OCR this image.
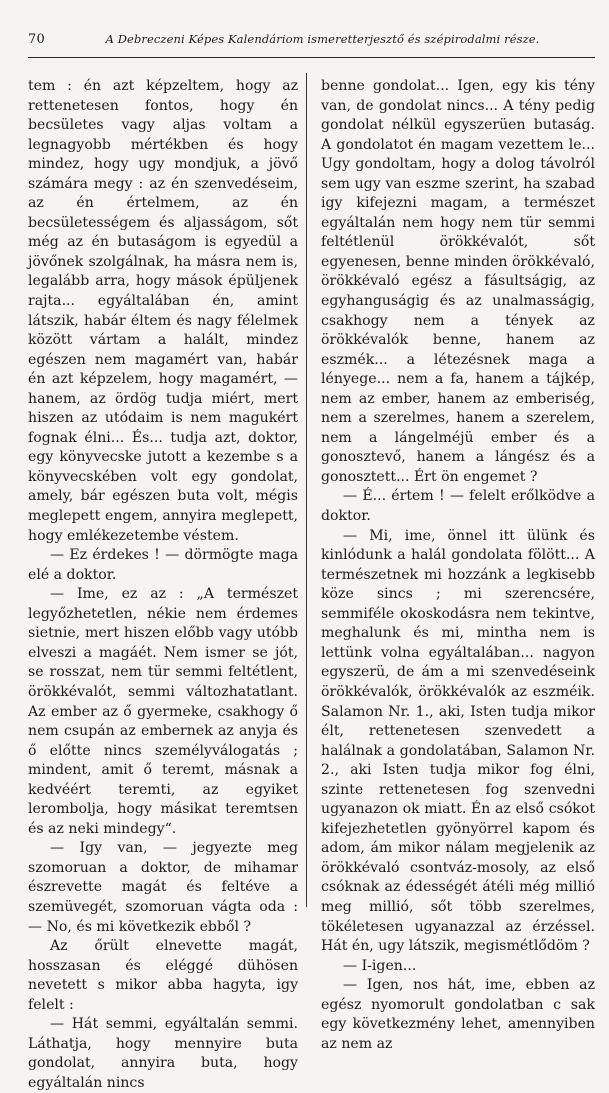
70	A Debreczeni Képes Kalendáriom ismeretterjesztő és szépirodalmi része.

tem : én azt képzeltem, hogy az rettenetesen fontos, hogy én becsületes vagy aljas voltam a legnagyobb mértékben és hogy mindez, hogy ugy mondjuk, a jövő számára megy : az én szenvedéseim, az én értelmem, az én becsületességem és aljasságom, sőt még az én butaságom is egyedül a jövőnek szolgálnak, ha másra nem is, legalább arra, hogy mások épüljenek rajta... egyáltalában én, amint látszik, habár éltem és nagy félelmek között vártam a halált, mindez egészen nem magamért van, habár én azt képzelem, hogy magamért, — hanem, az ördög tudja miért, mert hiszen az utódaim is nem magukért fognak élni... És... tudja azt, doktor, egy könyvecske jutott a kezembe s a könyvecskében volt egy gondolat, amely, bár egészen buta volt, mégis meglepett engem, annyira meglepett, hogy emlékezetembe véstem.

— Ez érdekes ! — dörmögte maga elé a doktor.

— Ime, ez az : „A természet legyőzhetetlen, nékie nem érdemes sietnie, mert hiszen előbb vagy utóbb elveszi a magáét. Nem ismer se jót, se rosszat, nem tür semmi feltétlent, örökkévalót, semmi változhatatlant. Az ember az ő gyermeke, csakhogy ő nem csupán az embernek az anyja és ő előtte nincs személyválogatás ; mindent, amit ő teremt, másnak a kedvéért teremti, az egyiket lerombolja, hogy másikat teremtsen és az neki mindegy“.

— Igy van, — jegyezte meg szomoruan a doktor, de mihamar észrevette magát és feltéve a szemüvegét, szomoruan vágta oda : — No, és mi következik ebből ?

Az őrült elnevette magát, hosszasan és eléggé dühösen nevetett s mikor abba hagyta, igy felelt :

— Hát semmi, egyáltalán semmi. Láthatja, hogy mennyire buta gondolat, annyira buta, hogy egyáltalán nincs

benne gondolat... Igen, egy kis tény van, de gondolat nincs... A tény pedig gondolat nélkül egyszerüen butaság. A gondolatot én magam vezettem le... Ugy gondoltam, hogy a dolog távolról sem ugy van eszme szerint, ha szabad igy kifejezni magam, a természet egyáltalán nem hogy nem tür semmi feltétlenül örökkévalót, sőt egyenesen, benne minden örökkévaló, örökkévaló egész a fásultságig, az egyhanguságig és az unalmasságig, csakhogy nem a tények az örökkévalók benne, hanem az eszmék... a létezésnek maga a lényege... nem a fa, hanem a tájkép, nem az ember, hanem az emberiség, nem a szerelmes, hanem a szerelem, nem a lángelméjü ember és a gonosztevő, hanem a lángész és a gonosztett... Ért ön engemet ?

— É... értem ! — felelt erőlködve a doktor.

— Mi, ime, önnel itt ülünk és kinlódunk a halál gondolata fölött... A természetnek mi hozzánk a legkisebb köze sincs ; mi szerencsére, semmiféle okoskodásra nem tekintve, meghalunk és mi, mintha nem is lettünk volna egyáltalában... nagyon egyszerü, de ám a mi szenvedéseink örökkévalók, örökkévalók az eszméik. Salamon Nr. 1., aki, Isten tudja mikor élt, rettenetesen szenvedett a halálnak a gondolatában, Salamon Nr. 2., aki Isten tudja mikor fog élni, szinte rettenetesen fog szenvedni ugyanazon ok miatt. Én az első csókot kifejezhetetlen gyönyörrel kapom és adom, ám mikor nálam megjelenik az örökkévaló csontváz-mosoly, az első csóknak az édességét átéli még millió meg millió, sőt több szerelmes, tökéletesen ugyanazzal az érzéssel. Hát én, ugy látszik, megismétlődöm ?

— I-igen...

— Igen, nos hát, ime, ebben az egész nyomorult gondolatban c sak egy következmény lehet, amennyiben az nem az
